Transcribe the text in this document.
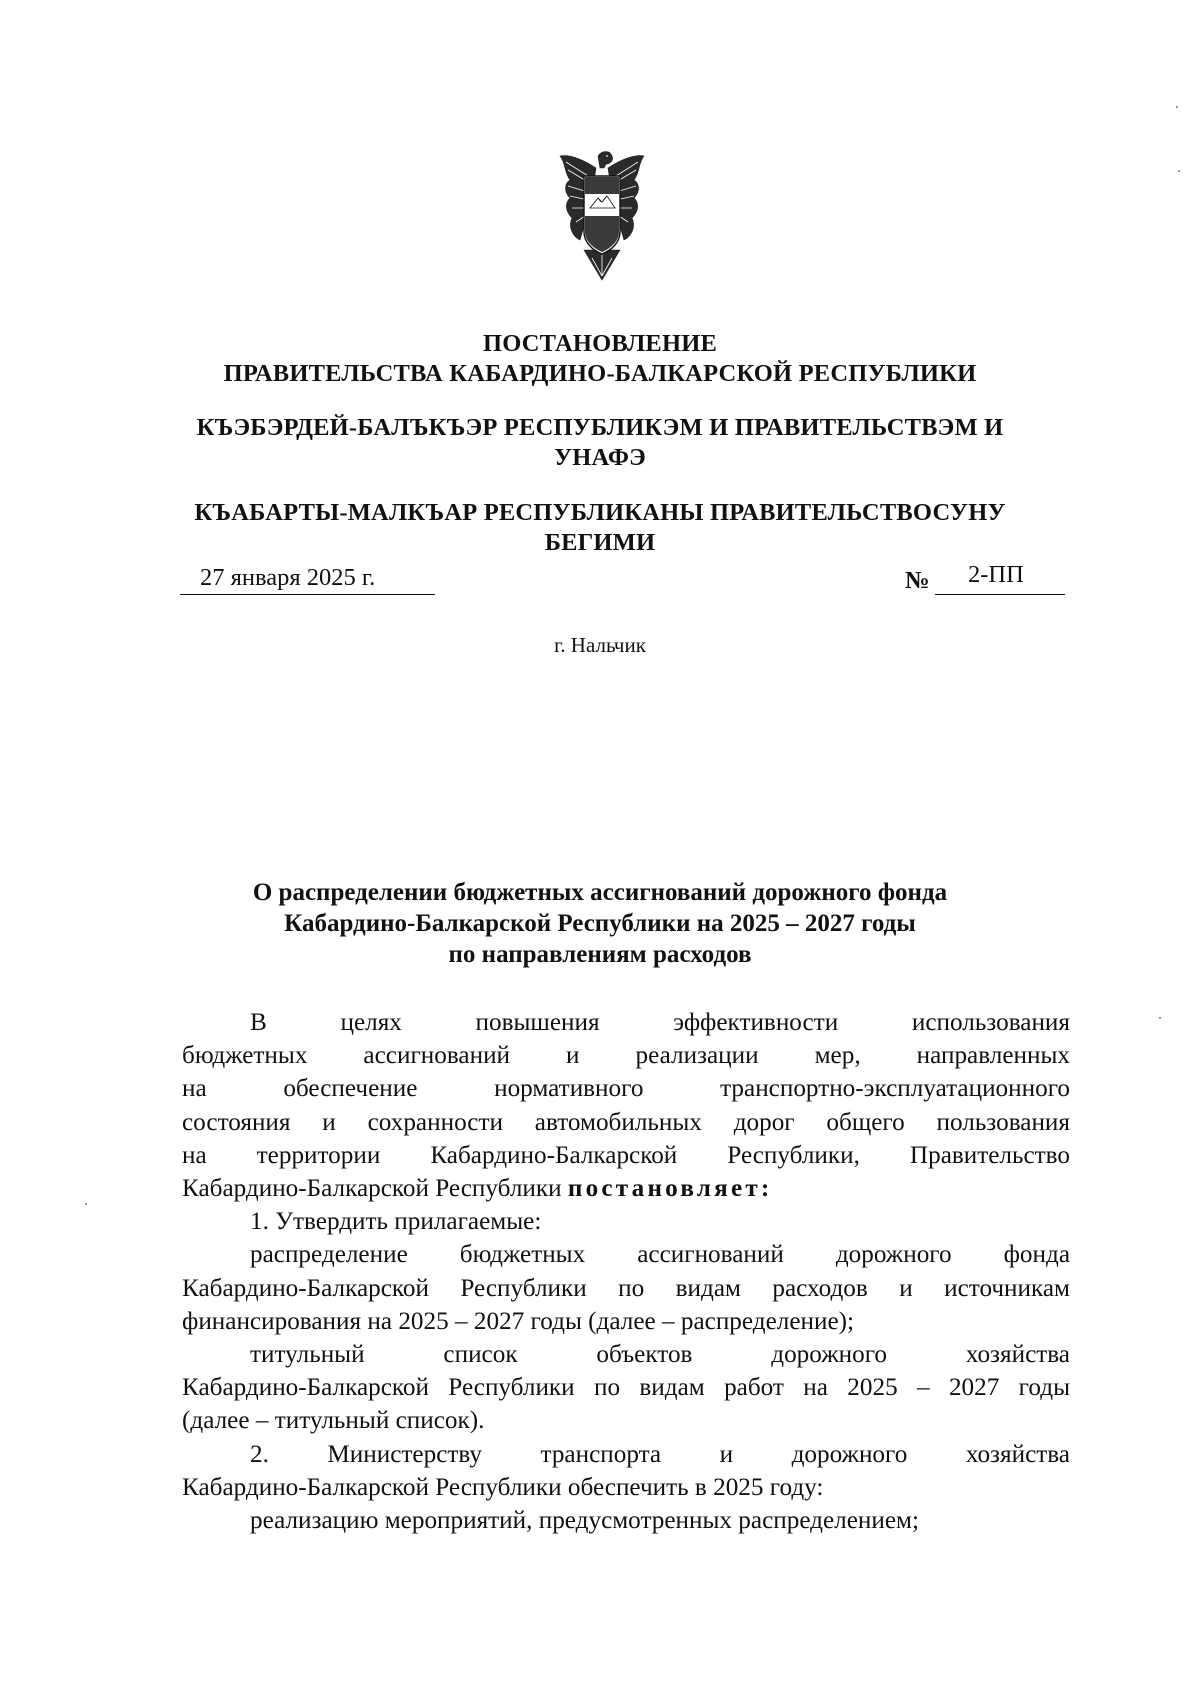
ПОСТАНОВЛЕНИЕ
ПРАВИТЕЛЬСТВА КАБАРДИНО-БАЛКАРСКОЙ РЕСПУБЛИКИ
КЪЭБЭРДЕЙ-БАЛЪКЪЭР РЕСПУБЛИКЭМ И ПРАВИТЕЛЬСТВЭМ И
УНАФЭ
КЪАБАРТЫ-МАЛКЪАР РЕСПУБЛИКАНЫ ПРАВИТЕЛЬСТВОСУНУ
БЕГИМИ
27 января 2025 г.	№ 2-ПП
г. Нальчик
О распределении бюджетных ассигнований дорожного фонда
Кабардино-Балкарской Республики на 2025 – 2027 годы
по направлениям расходов
В целях повышения эффективности использования
бюджетных ассигнований и реализации мер, направленных
на обеспечение нормативного транспортно-эксплуатационного
состояния и сохранности автомобильных дорог общего пользования
на территории Кабардино-Балкарской Республики, Правительство
Кабардино-Балкарской Республики постановляет:
1. Утвердить прилагаемые:
распределение бюджетных ассигнований дорожного фонда
Кабардино-Балкарской Республики по видам расходов и источникам
финансирования на 2025 – 2027 годы (далее – распределение);
титульный список объектов дорожного хозяйства
Кабардино-Балкарской Республики по видам работ на 2025 – 2027 годы
(далее – титульный список).
2. Министерству транспорта и дорожного хозяйства
Кабардино-Балкарской Республики обеспечить в 2025 году:
реализацию мероприятий, предусмотренных распределением;
